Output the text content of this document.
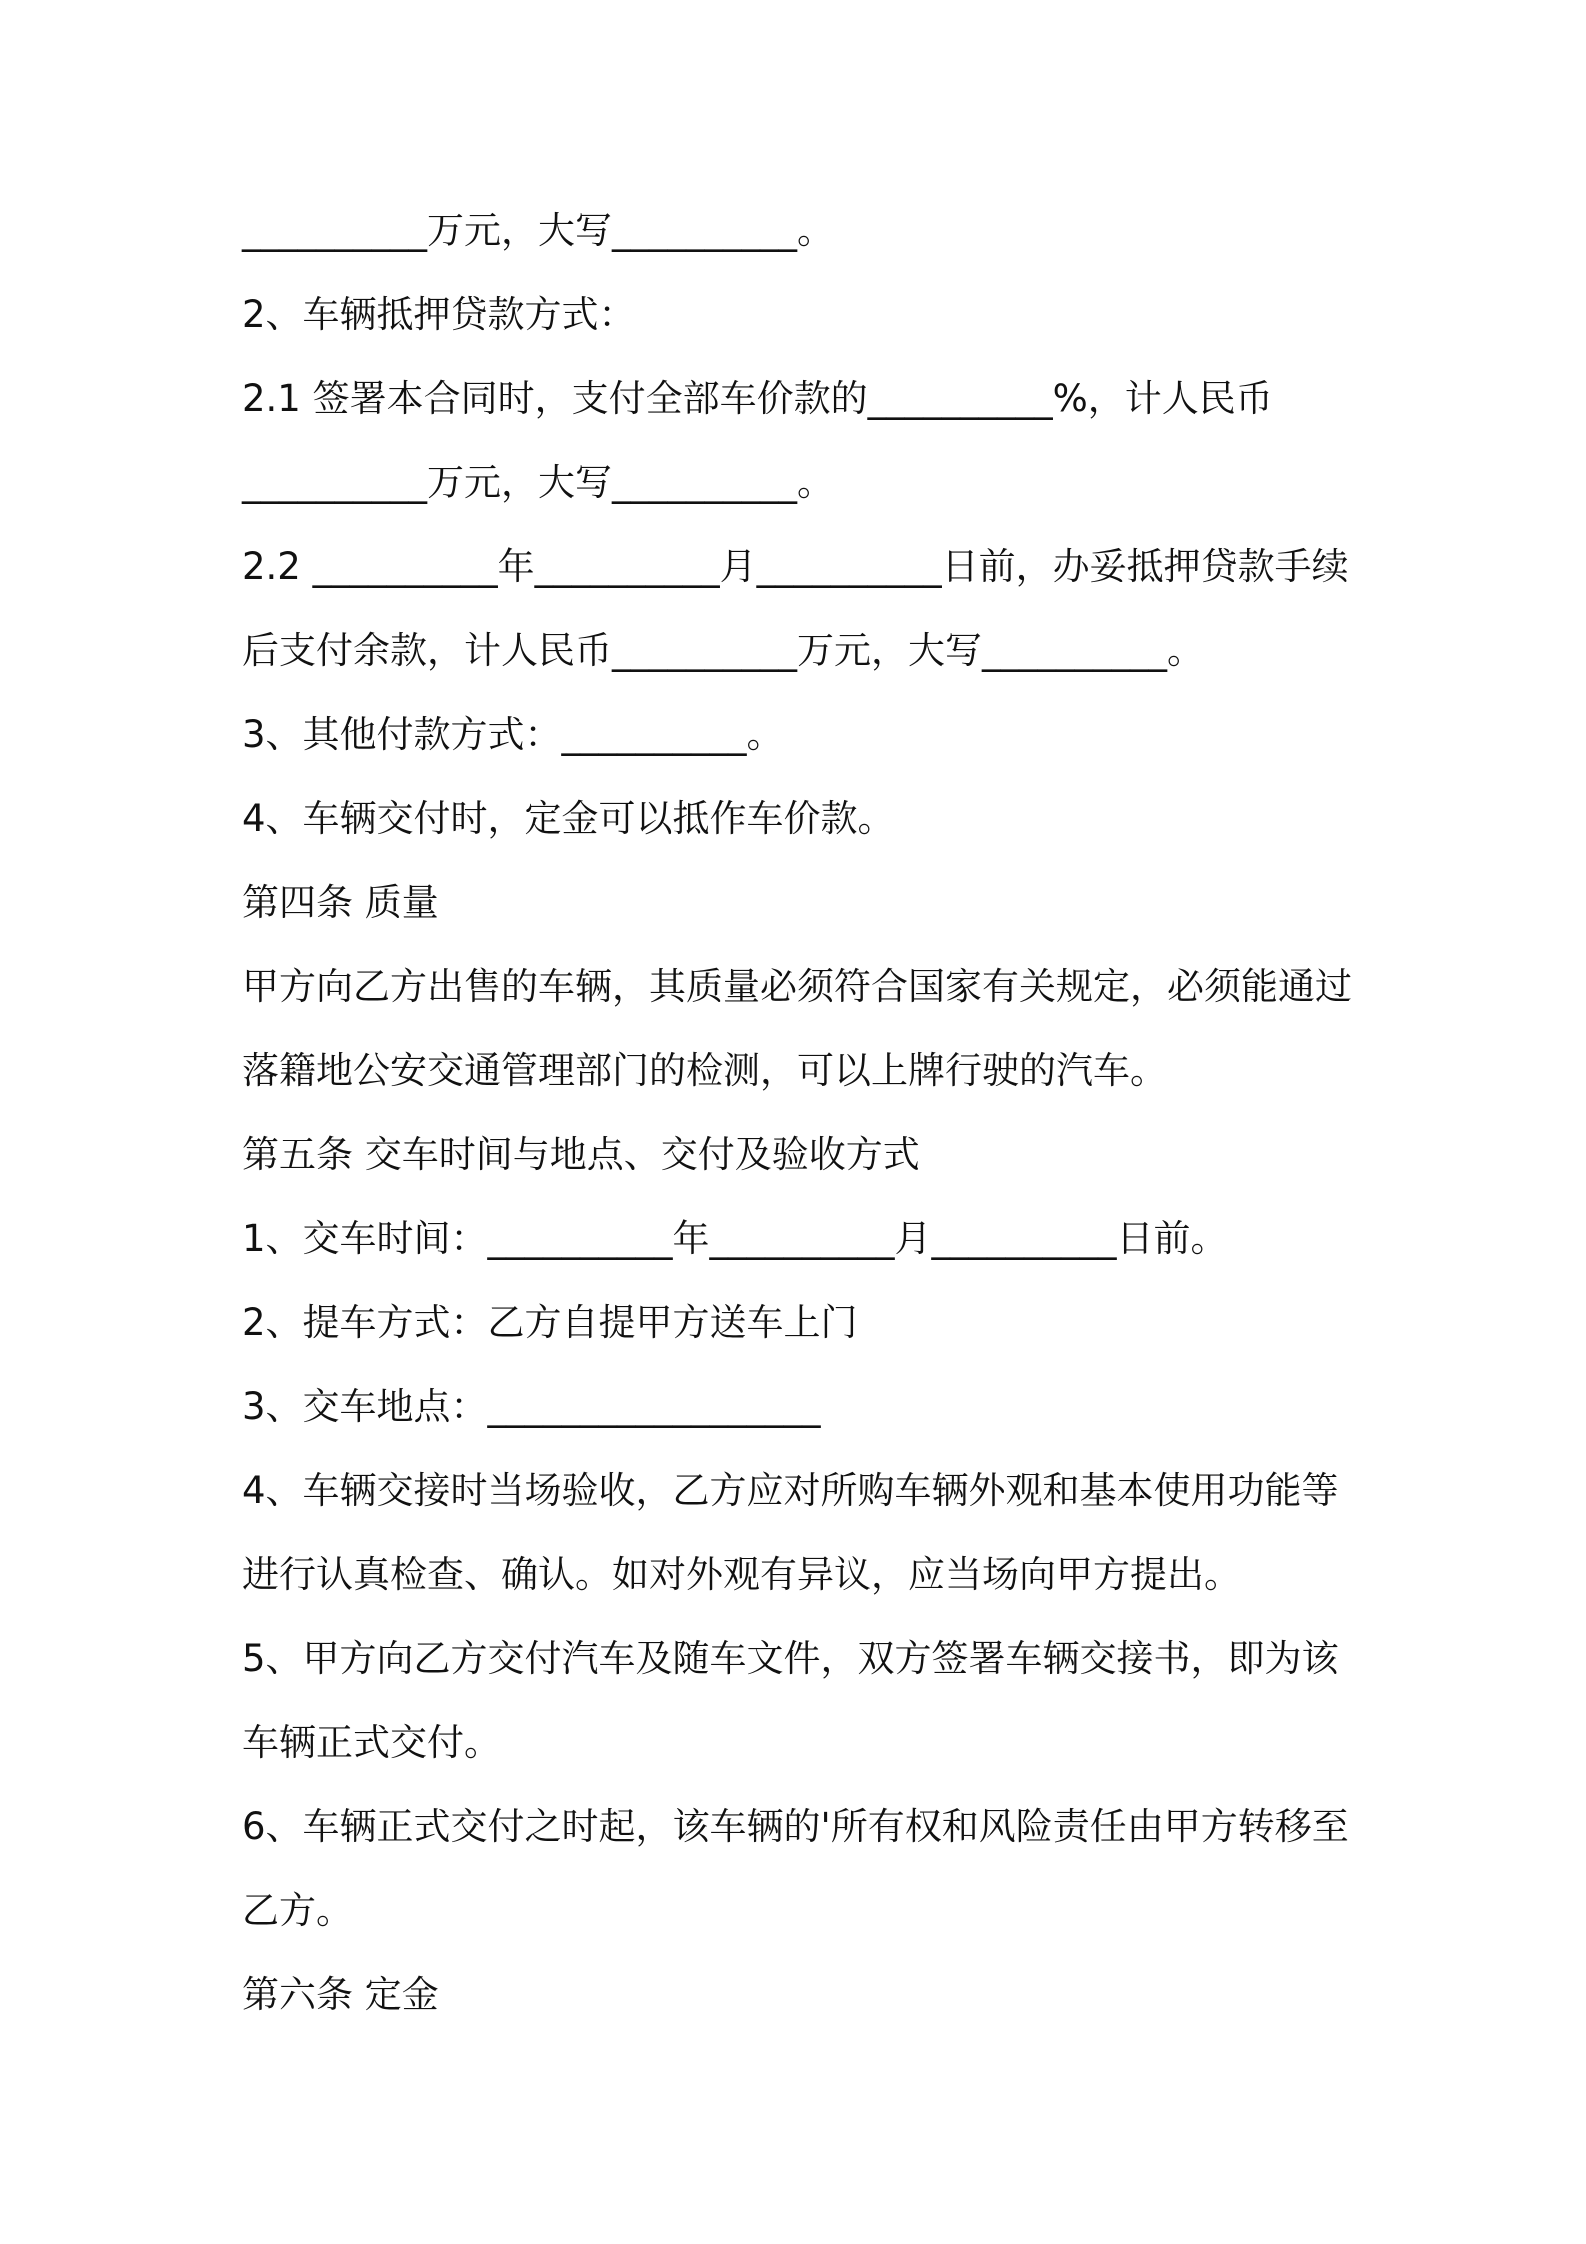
__________万元，大写__________。
2、车辆抵押贷款方式：
2.1 签署本合同时，支付全部车价款的__________%，计人民币
__________万元，大写__________。
2.2 __________年__________月__________日前，办妥抵押贷款手续
后支付余款，计人民币__________万元，大写__________。
3、其他付款方式：__________。
4、车辆交付时，定金可以抵作车价款。
第四条 质量
甲方向乙方出售的车辆，其质量必须符合国家有关规定，必须能通过
落籍地公安交通管理部门的检测，可以上牌行驶的汽车。
第五条 交车时间与地点、交付及验收方式
1、交车时间：__________年__________月__________日前。
2、提车方式：乙方自提甲方送车上门
3、交车地点：__________________
4、车辆交接时当场验收，乙方应对所购车辆外观和基本使用功能等
进行认真检查、确认。如对外观有异议，应当场向甲方提出。
5、甲方向乙方交付汽车及随车文件，双方签署车辆交接书，即为该
车辆正式交付。
6、车辆正式交付之时起，该车辆的'所有权和风险责任由甲方转移至
乙方。
第六条 定金
